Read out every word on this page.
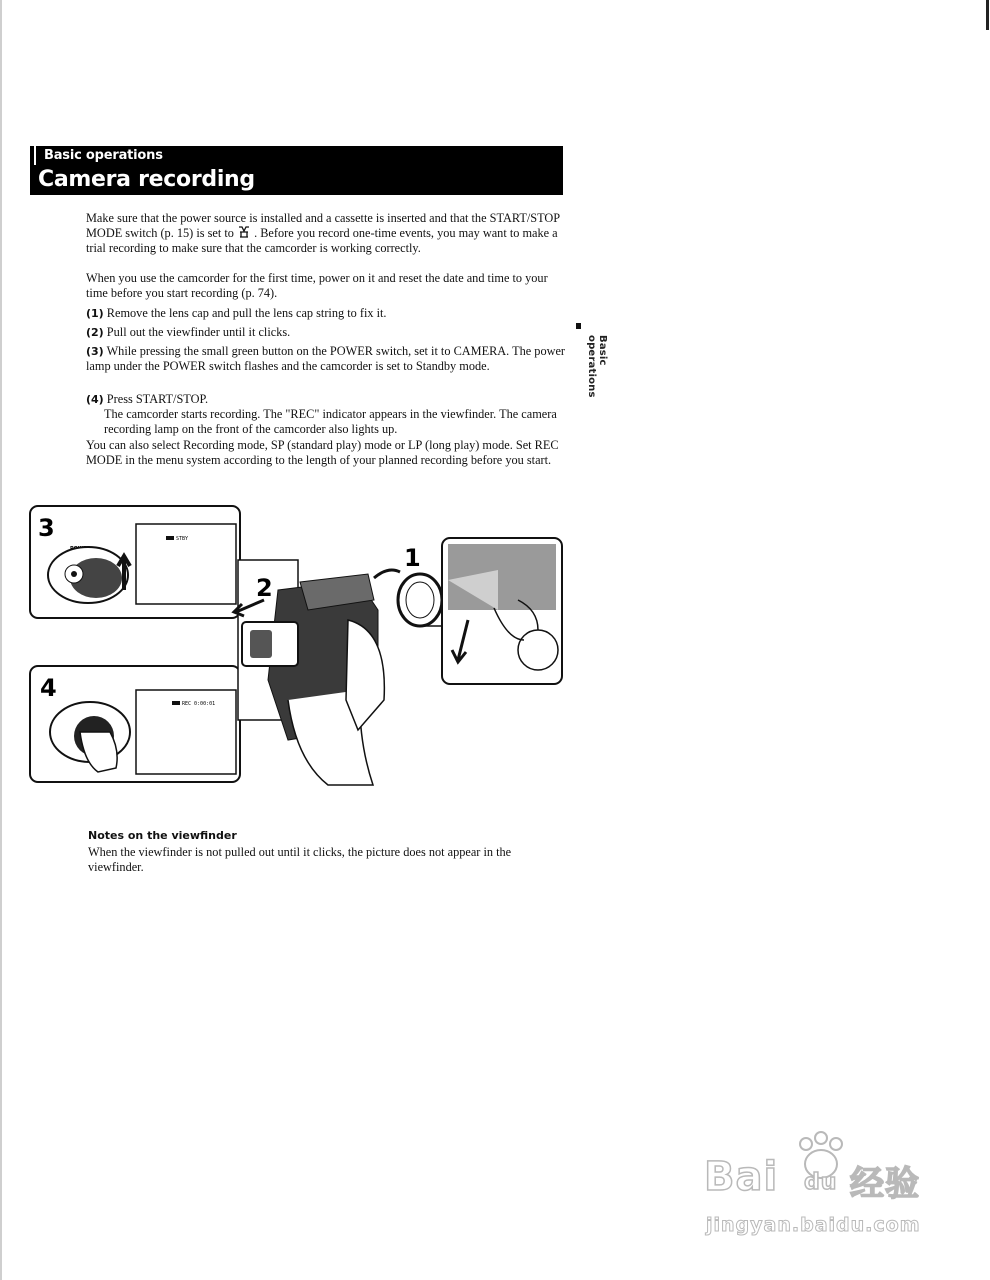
Basic operations
Camera recording
Make sure that the power source is installed and a cassette is inserted and that the START/STOP MODE switch (p. 15) is set to . Before you record one-time events, you may want to make a trial recording to make sure that the camcorder is working correctly.
When you use the camcorder for the first time, power on it and reset the date and time to your time before you start recording (p. 74).
(1) Remove the lens cap and pull the lens cap string to fix it.
(2) Pull out the viewfinder until it clicks.
(3) While pressing the small green button on the POWER switch, set it to CAMERA. The power lamp under the POWER switch flashes and the camcorder is set to Standby mode.
(4) Press START/STOP.
The camcorder starts recording. The "REC" indicator appears in the viewfinder. The camera recording lamp on the front of the camcorder also lights up.
You can also select Recording mode, SP (standard play) mode or LP (long play) mode. Set REC MODE in the menu system according to the length of your planned recording before you start.
Basic operations
3	STBY
4
REC 0:00:01
2
1
Notes on the viewfinder
When the viewfinder is not pulled out until it clicks, the picture does not appear in the viewfinder.
Bai du 经验
jingyan.baidu.com
